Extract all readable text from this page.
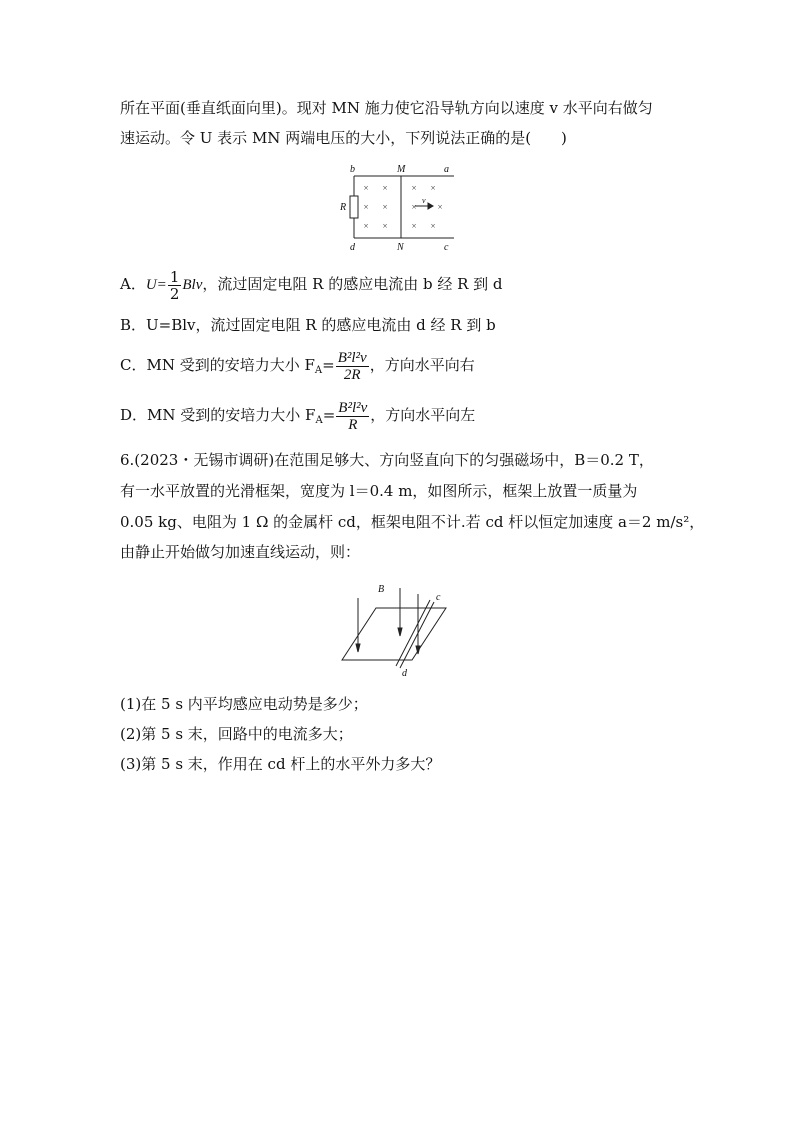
所在平面(垂直纸面向里)。现对 MN 施力使它沿导轨方向以速度 v 水平向右做匀
速运动。令 U 表示 MN 两端电压的大小，下列说法正确的是(　　)
× ×	× ×
× ×	× ×
× ×	× ×
b	M	a
R
v
d	N	c
A．$U= \frac{1}{2}$ Blv，流过固定电阻 R 的感应电流由 b 经 R 到 d
B．U=Blv，流过固定电阻 R 的感应电流由 d 经 R 到 b
C．MN 受到的安培力大小 $F_A= \frac{\text{B²l²v}}{2R}$ ，方向水平向右
D．MN 受到的安培力大小 $F_A= \frac{\text{B²l²v}}{R}$ ，方向水平向左
6.(2023・无锡市调研)在范围足够大、方向竖直向下的匀强磁场中，B＝0.2 T，
有一水平放置的光滑框架，宽度为 l＝0.4 m，如图所示，框架上放置一质量为
0.05 kg、电阻为 1 Ω 的金属杆 cd，框架电阻不计.若 cd 杆以恒定加速度 a＝2 m/s²，
由静止开始做匀加速直线运动，则：
B
c
d
(1)在 5 s 内平均感应电动势是多少；
(2)第 5 s 末，回路中的电流多大；
(3)第 5 s 末，作用在 cd 杆上的水平外力多大？
